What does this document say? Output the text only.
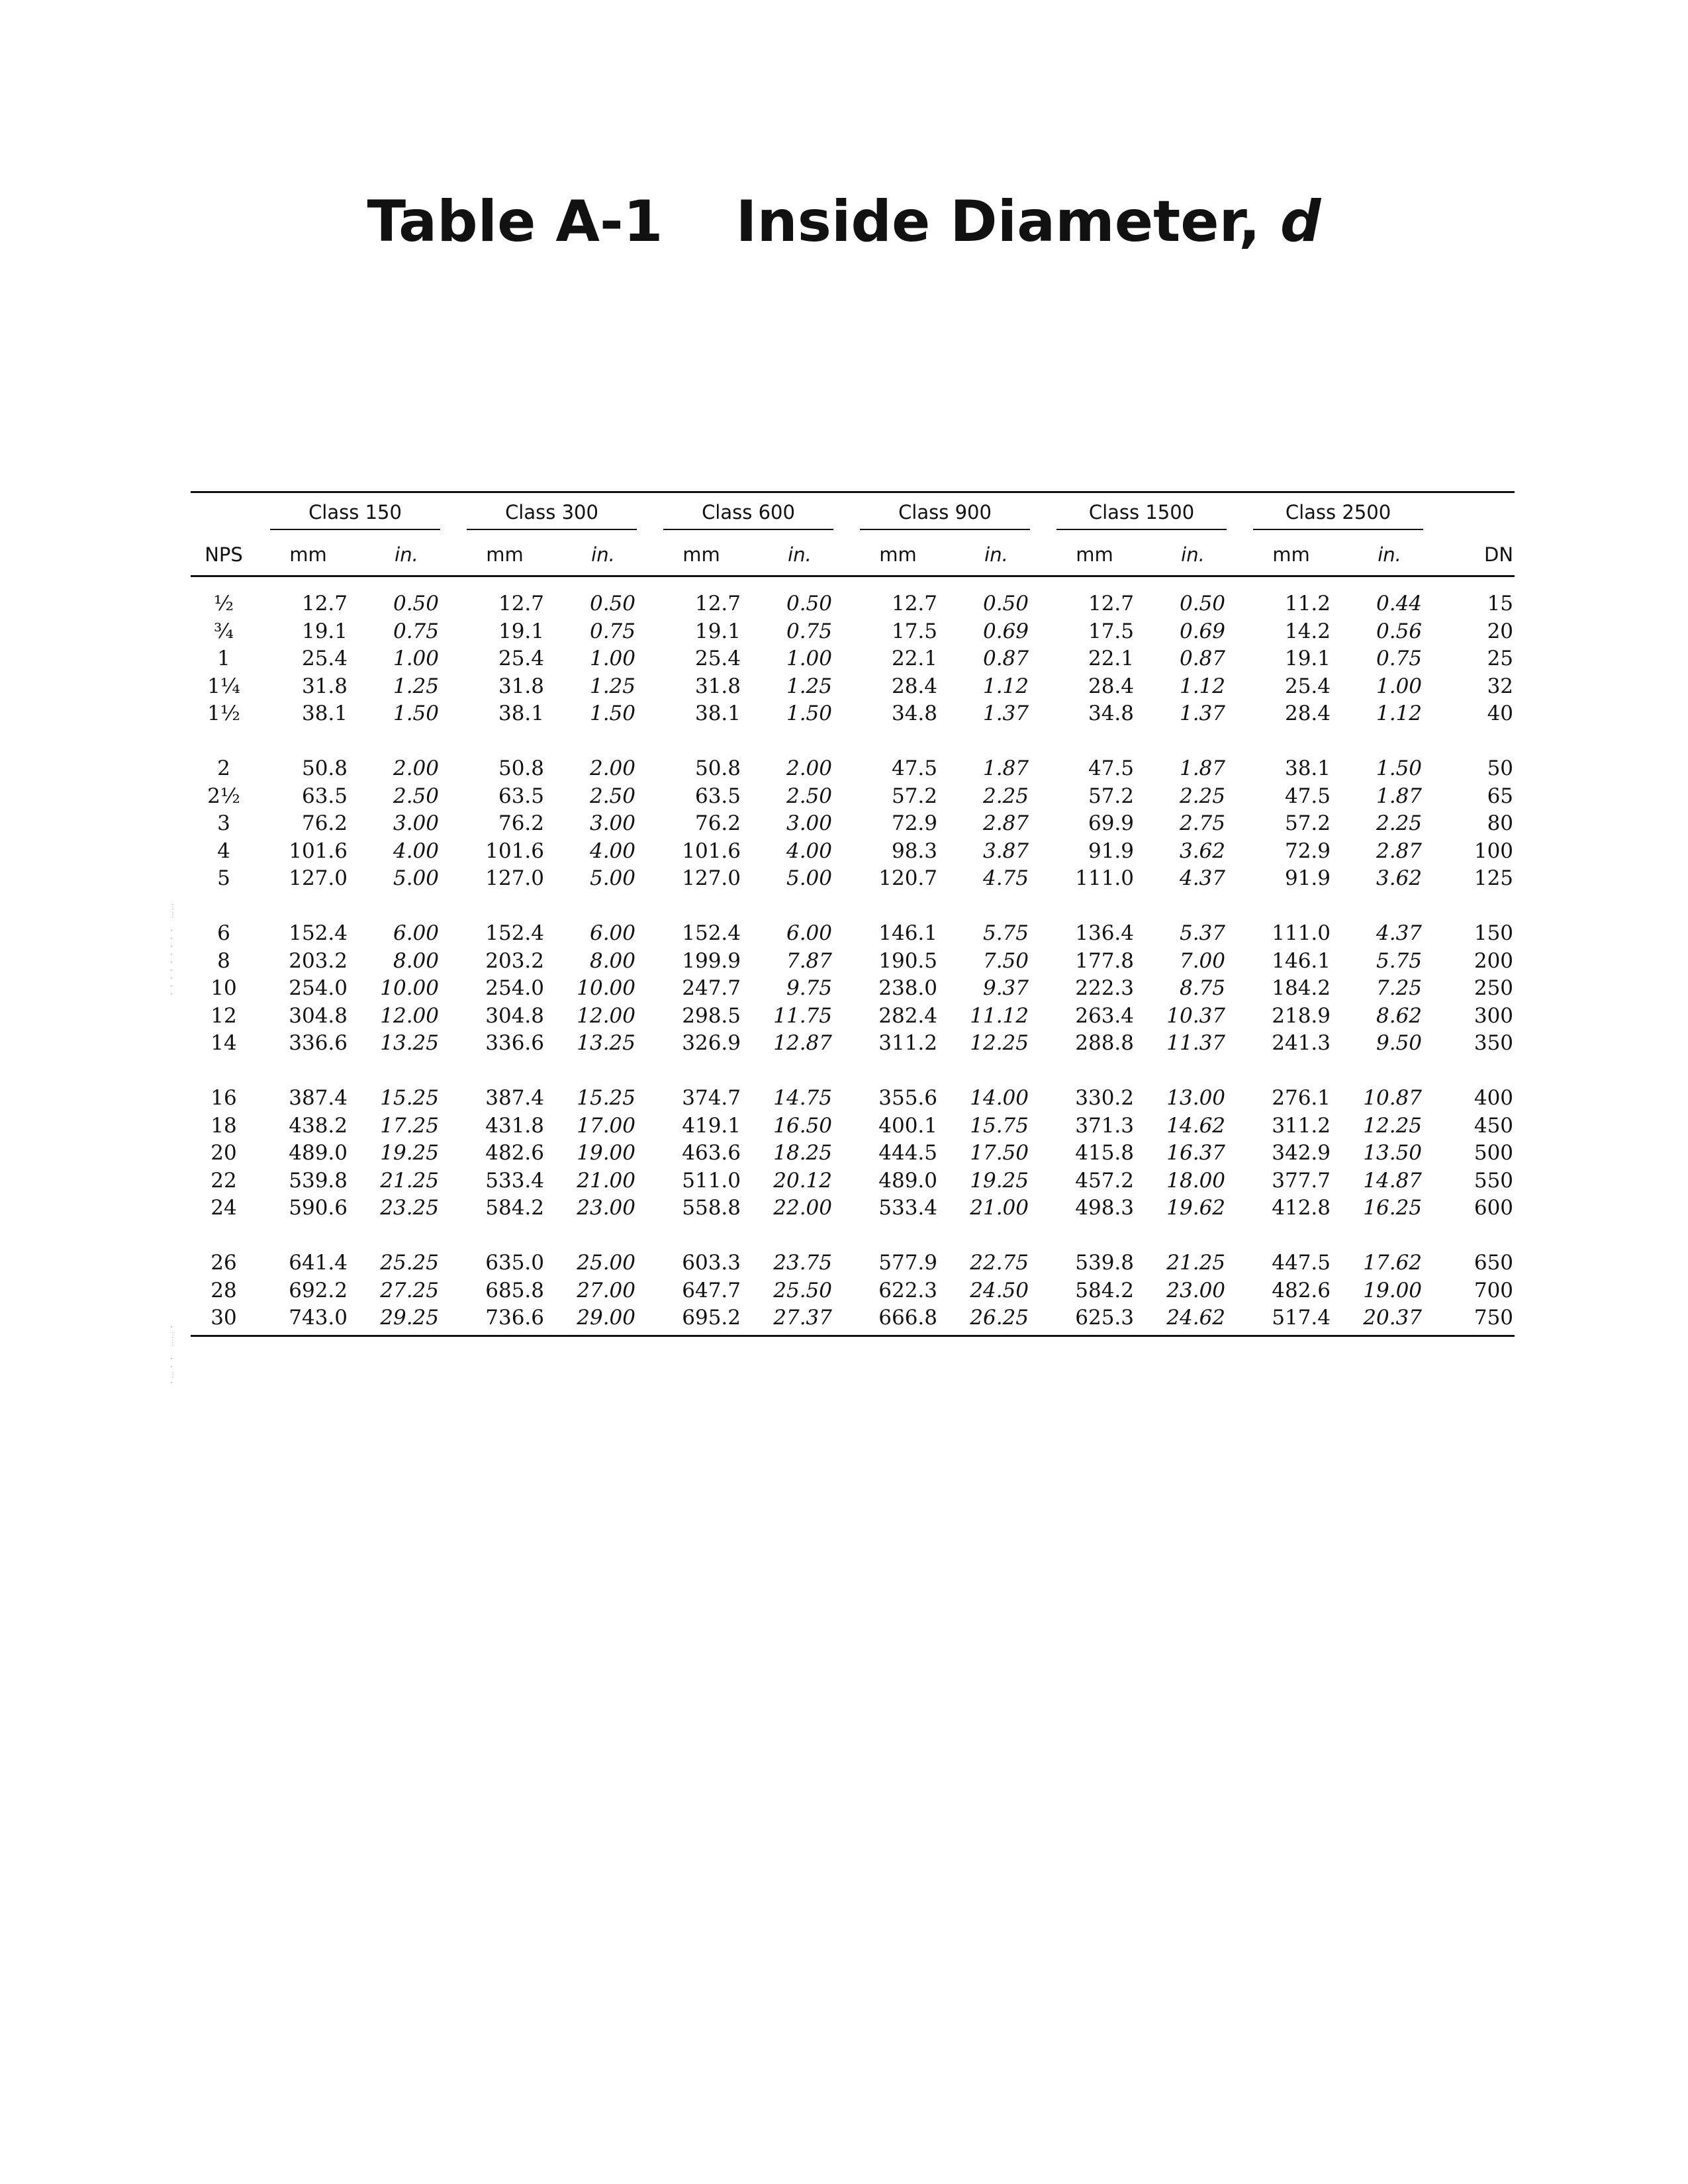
Table A-1 Inside Diameter, d
⋮
⋮

·
·
·
·
·
·
·
·
·
·
⋮
⋮

·
·
⋮
·

	Class 150		Class 300		Class 600		Class 900		Class 1500		Class 2500		

NPS	mm	in.	mm	in.	mm	in.	mm	in.	mm	in.	mm	in.	DN

½	12.7	0.50	12.7	0.50	12.7	0.50	12.7	0.50	12.7	0.50	11.2	0.44	15
¾	19.1	0.75	19.1	0.75	19.1	0.75	17.5	0.69	17.5	0.69	14.2	0.56	20
1	25.4	1.00	25.4	1.00	25.4	1.00	22.1	0.87	22.1	0.87	19.1	0.75	25
1¼	31.8	1.25	31.8	1.25	31.8	1.25	28.4	1.12	28.4	1.12	25.4	1.00	32
1½	38.1	1.50	38.1	1.50	38.1	1.50	34.8	1.37	34.8	1.37	28.4	1.12	40

2	50.8	2.00	50.8	2.00	50.8	2.00	47.5	1.87	47.5	1.87	38.1	1.50	50
2½	63.5	2.50	63.5	2.50	63.5	2.50	57.2	2.25	57.2	2.25	47.5	1.87	65
3	76.2	3.00	76.2	3.00	76.2	3.00	72.9	2.87	69.9	2.75	57.2	2.25	80
4	101.6	4.00	101.6	4.00	101.6	4.00	98.3	3.87	91.9	3.62	72.9	2.87	100
5	127.0	5.00	127.0	5.00	127.0	5.00	120.7	4.75	111.0	4.37	91.9	3.62	125

6	152.4	6.00	152.4	6.00	152.4	6.00	146.1	5.75	136.4	5.37	111.0	4.37	150
8	203.2	8.00	203.2	8.00	199.9	7.87	190.5	7.50	177.8	7.00	146.1	5.75	200
10	254.0	10.00	254.0	10.00	247.7	9.75	238.0	9.37	222.3	8.75	184.2	7.25	250
12	304.8	12.00	304.8	12.00	298.5	11.75	282.4	11.12	263.4	10.37	218.9	8.62	300
14	336.6	13.25	336.6	13.25	326.9	12.87	311.2	12.25	288.8	11.37	241.3	9.50	350

16	387.4	15.25	387.4	15.25	374.7	14.75	355.6	14.00	330.2	13.00	276.1	10.87	400
18	438.2	17.25	431.8	17.00	419.1	16.50	400.1	15.75	371.3	14.62	311.2	12.25	450
20	489.0	19.25	482.6	19.00	463.6	18.25	444.5	17.50	415.8	16.37	342.9	13.50	500
22	539.8	21.25	533.4	21.00	511.0	20.12	489.0	19.25	457.2	18.00	377.7	14.87	550
24	590.6	23.25	584.2	23.00	558.8	22.00	533.4	21.00	498.3	19.62	412.8	16.25	600

26	641.4	25.25	635.0	25.00	603.3	23.75	577.9	22.75	539.8	21.25	447.5	17.62	650
28	692.2	27.25	685.8	27.00	647.7	25.50	622.3	24.50	584.2	23.00	482.6	19.00	700
30	743.0	29.25	736.6	29.00	695.2	27.37	666.8	26.25	625.3	24.62	517.4	20.37	750
